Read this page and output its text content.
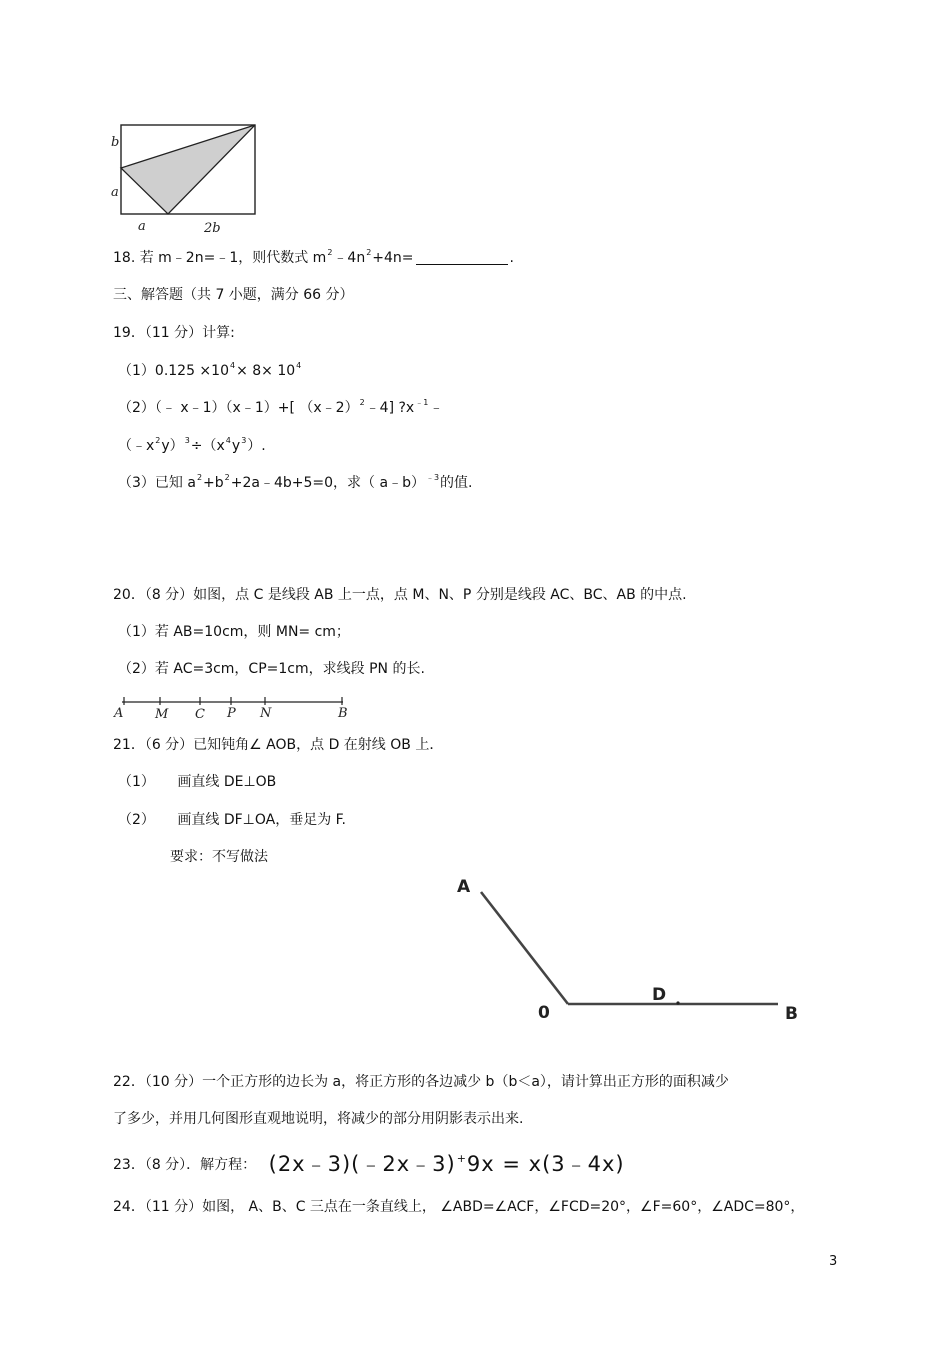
b
a
a	2b
18. 若 m﹣2n=﹣1，则代数式 $m^2﹣4n^2+4n=$	.
三、解答题（共 7 小题，满分 66 分）
19．（11 分）计算:
$(1)0.125 \times 10^4\times 8\times 10^4$
（2）（﹣ x﹣1）（x﹣1）+[ （x﹣2）$^2$﹣4] $?x^{﹣1}﹣$
$(﹣x^2y)^3\div(x^4y^3)$.
（3）已知 $a^2+b^2+2a﹣4b+5=0$，求（ a﹣b）$^{﹣3}$的值.
20．（8 分）如图，点 C 是线段 AB 上一点，点 M、N、P 分别是线段 AC、BC、AB 的中点.
（1）若 AB=10cm，则 MN= cm；
（2）若 AC=3cm，CP=1cm，求线段 PN 的长.
A M C P N	B
21．（6 分）已知钝角∠ AOB，点 D 在射线 OB 上．
（1） 画直线 DE⊥OB
（2） 画直线 DF⊥OA，垂足为 F.
要求：不写做法
A
0
D
B
22．（10 分）一个正方形的边长为 a，将正方形的各边减少 b（b＜a），请计算出正方形的面积减少
了多少，并用几何图形直观地说明，将减少的部分用阴影表示出来.
23．（8 分）．解方程： (2x﹣3)(﹣2x﹣3)+9x = x(3﹣4x)
24．（11 分）如图， A、B、C 三点在一条直线上， ∠ABD=∠ACF，∠FCD=20°，∠F=60°，∠ADC=80°，
3
